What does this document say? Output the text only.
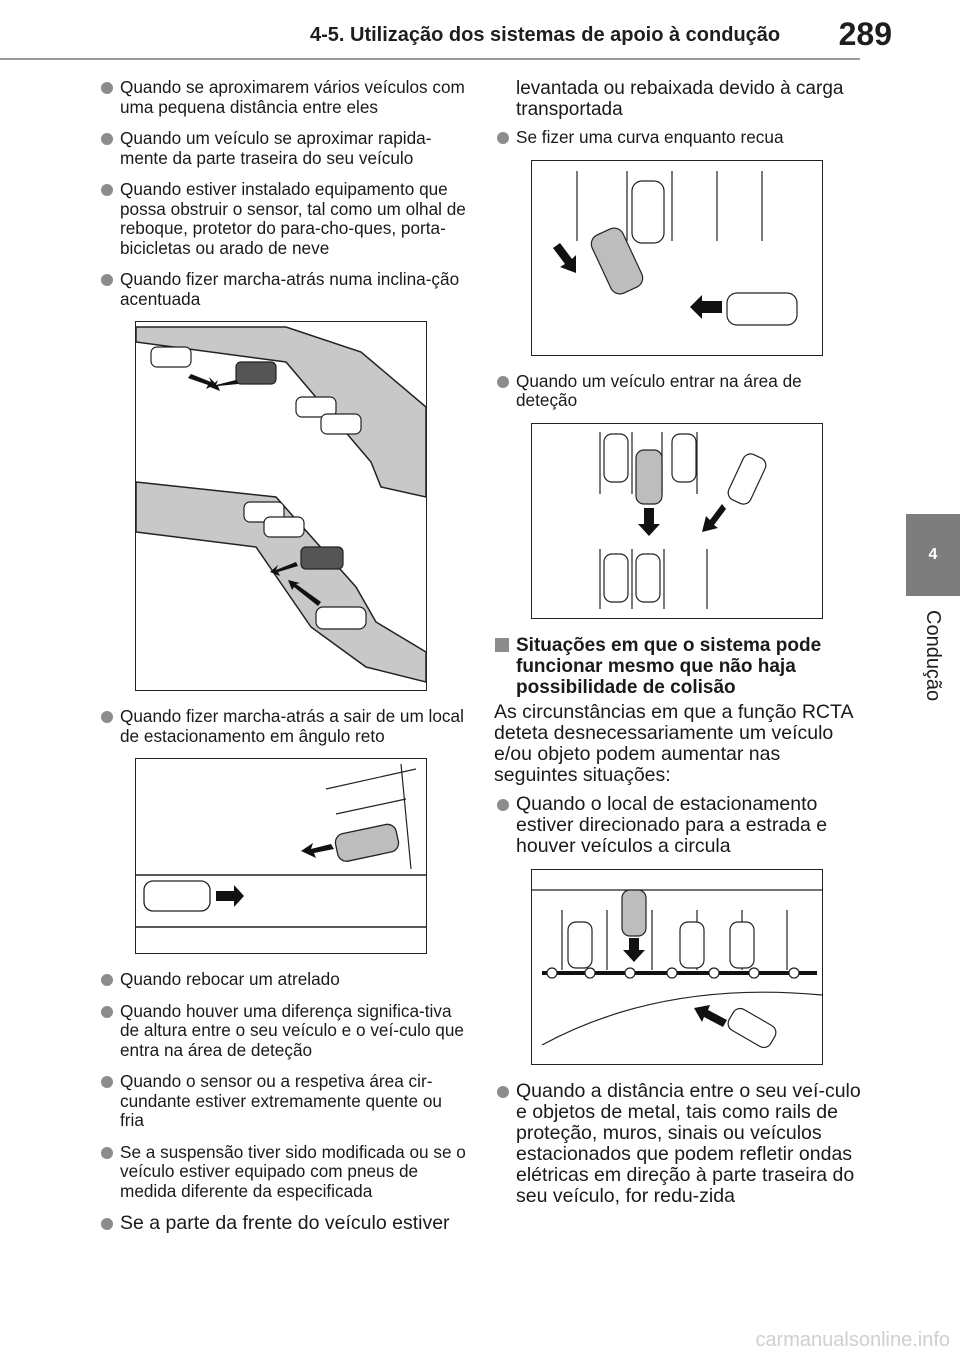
4-5. Utilização dos sistemas de apoio à condução 289
4
Condução
Quando se aproximarem vários veículos com uma pequena distância entre eles
Quando um veículo se aproximar rapida-mente da parte traseira do seu veículo
Quando estiver instalado equipamento que possa obstruir o sensor, tal como um olhal de reboque, protetor do para-cho-ques, porta-bicicletas ou arado de neve
Quando fizer marcha-atrás numa inclina-ção acentuada
Quando fizer marcha-atrás a sair de um local de estacionamento em ângulo reto
Quando rebocar um atrelado
Quando houver uma diferença significa-tiva de altura entre o seu veículo e o veí-culo que entra na área de deteção
Quando o sensor ou a respetiva área cir-cundante estiver extremamente quente ou fria
Se a suspensão tiver sido modificada ou se o veículo estiver equipado com pneus de medida diferente da especificada
Se a parte da frente do veículo estiver
levantada ou rebaixada devido à carga transportada
Se fizer uma curva enquanto recua
Quando um veículo entrar na área de deteção
Situações em que o sistema pode funcionar mesmo que não haja possibilidade de colisão
As circunstâncias em que a função RCTA deteta desnecessariamente um veículo e/ou objeto podem aumentar nas seguintes situações:
Quando o local de estacionamento estiver direcionado para a estrada e houver veículos a circula
Quando a distância entre o seu veí-culo e objetos de metal, tais como rails de proteção, muros, sinais ou veículos estacionados que podem refletir ondas elétricas em direção à parte traseira do seu veículo, for redu-zida
carmanualsonline.info
